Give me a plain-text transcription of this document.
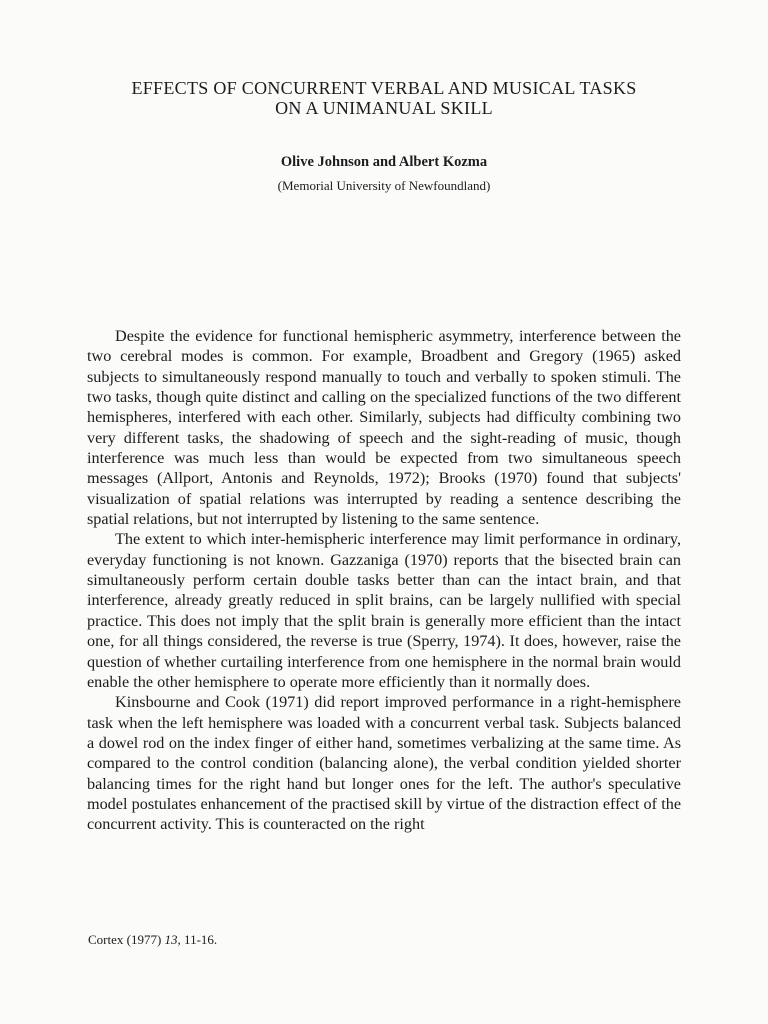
EFFECTS OF CONCURRENT VERBAL AND MUSICAL TASKS
ON A UNIMANUAL SKILL
Olive Johnson and Albert Kozma
(Memorial University of Newfoundland)

Despite the evidence for functional hemispheric asymmetry, interference between the two cerebral modes is common. For example, Broadbent and Gregory (1965) asked subjects to simultaneously respond manually to touch and verbally to spoken stimuli. The two tasks, though quite distinct and calling on the specialized functions of the two different hemispheres, interfered with each other. Similarly, subjects had difficulty combining two very different tasks, the shadowing of speech and the sight-reading of music, though interference was much less than would be expected from two simultaneous speech messages (Allport, Antonis and Reynolds, 1972); Brooks (1970) found that subjects' visualization of spatial relations was interrupted by reading a sentence describing the spatial relations, but not interrupted by listening to the same sentence.

The extent to which inter-hemispheric interference may limit performance in ordinary, everyday functioning is not known. Gazzaniga (1970) reports that the bisected brain can simultaneously perform certain double tasks better than can the intact brain, and that interference, already greatly reduced in split brains, can be largely nullified with special practice. This does not imply that the split brain is generally more efficient than the intact one, for all things considered, the reverse is true (Sperry, 1974). It does, however, raise the question of whether curtailing interference from one hemisphere in the normal brain would enable the other hemisphere to operate more efficiently than it normally does.

Kinsbourne and Cook (1971) did report improved performance in a right-hemisphere task when the left hemisphere was loaded with a concurrent verbal task. Subjects balanced a dowel rod on the index finger of either hand, sometimes verbalizing at the same time. As compared to the control condition (balancing alone), the verbal condition yielded shorter balancing times for the right hand but longer ones for the left. The author's speculative model postulates enhancement of the practised skill by virtue of the distraction effect of the concurrent activity. This is counteracted on the right

Cortex (1977) 13, 11-16.
